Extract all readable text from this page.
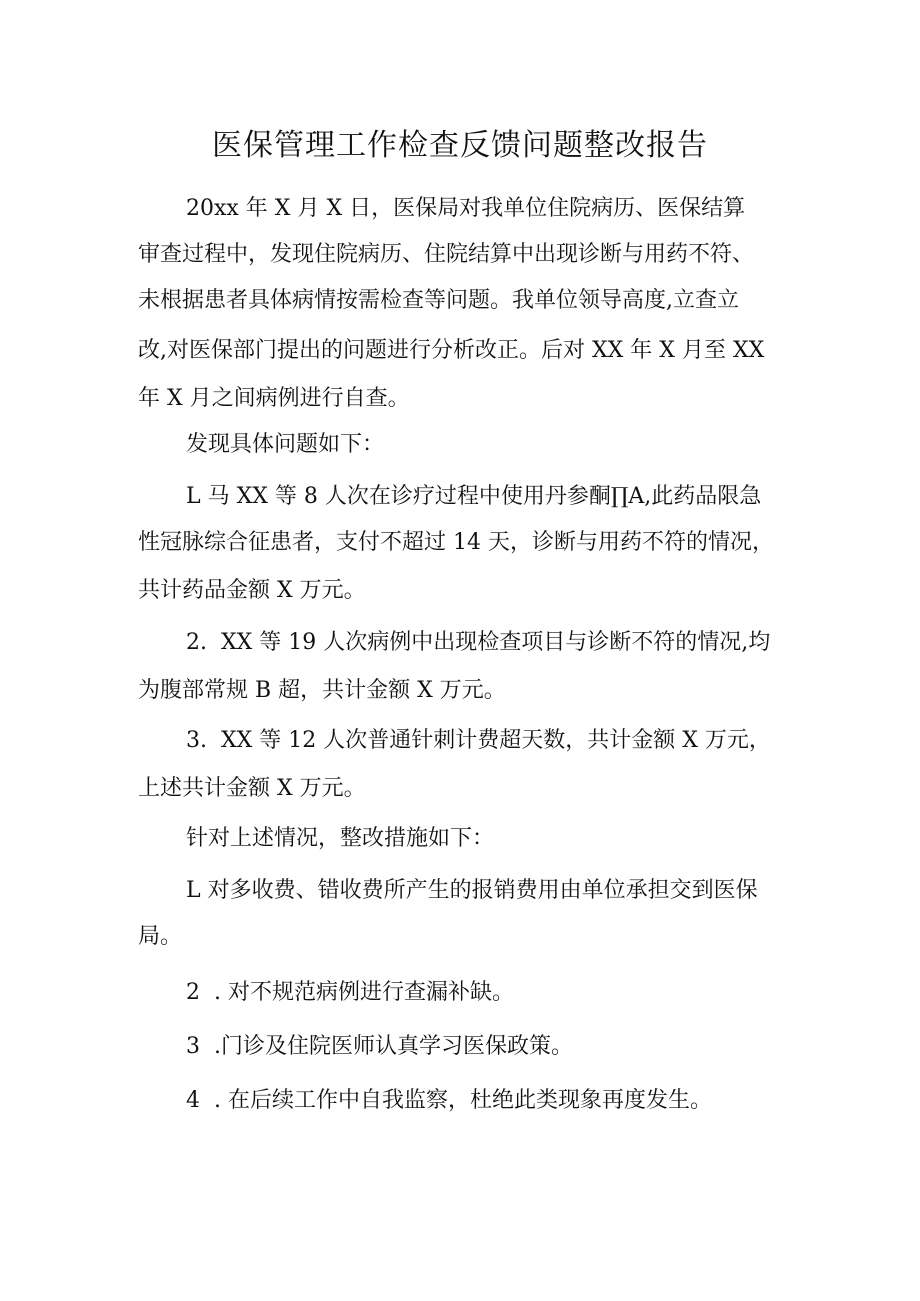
医保管理工作检查反馈问题整改报告

20xx 年 X 月 X 日，医保局对我单位住院病历、医保结算

审查过程中，发现住院病历、住院结算中出现诊断与用药不符、

未根据患者具体病情按需检查等问题。我单位领导高度,立查立

改,对医保部门提出的问题进行分析改正。后对 XX 年 X 月至 XX

年 X 月之间病例进行自查。

发现具体问题如下：

L 马 XX 等 8 人次在诊疗过程中使用丹参酮∏A,此药品限急

性冠脉综合征患者，支付不超过 14 天，诊断与用药不符的情况，

共计药品金额 X 万元。

2.  XX 等 19 人次病例中出现检查项目与诊断不符的情况,均

为腹部常规 B 超，共计金额 X 万元。

3.  XX 等 12 人次普通针刺计费超天数，共计金额 X 万元，

上述共计金额 X 万元。

针对上述情况，整改措施如下：

L 对多收费、错收费所产生的报销费用由单位承担交到医保

局。

2  . 对不规范病例进行查漏补缺。

3  .门诊及住院医师认真学习医保政策。

4  . 在后续工作中自我监察，杜绝此类现象再度发生。
